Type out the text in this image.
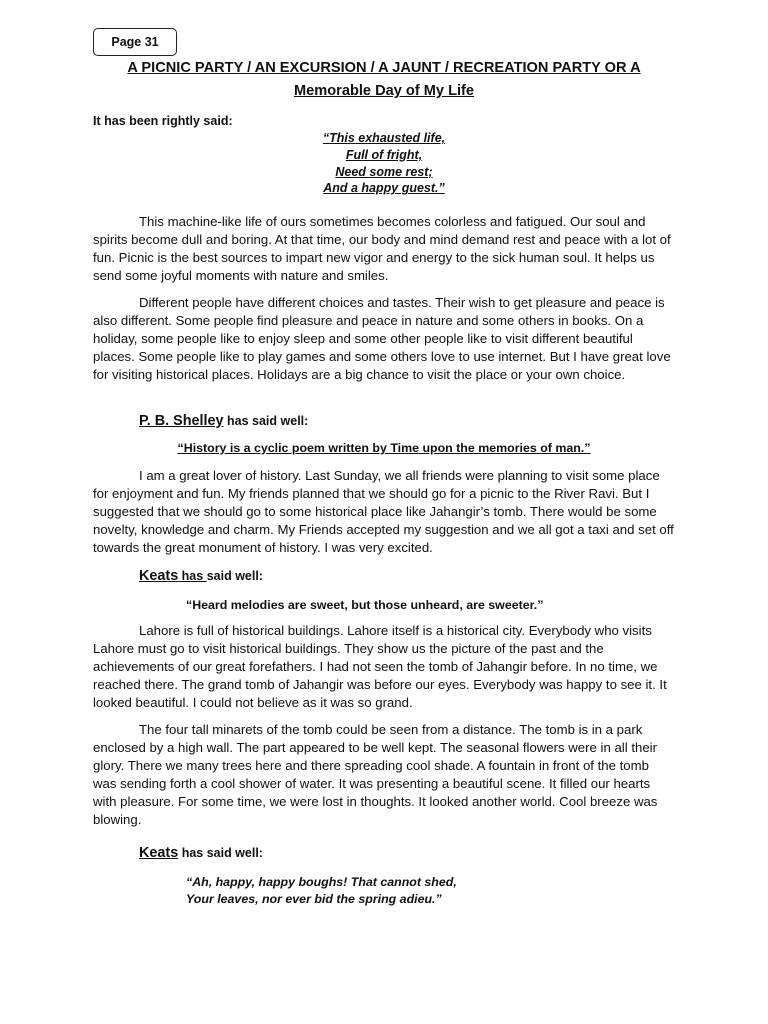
Page 31
A PICNIC PARTY / AN EXCURSION / A JAUNT / RECREATION PARTY OR A
Memorable Day of My Life
It has been rightly said:
“This exhausted life,
Full of fright,
Need some rest;
And a happy guest.”

This machine-like life of ours sometimes becomes colorless and fatigued. Our soul and spirits become dull and boring. At that time, our body and mind demand rest and peace with a lot of fun. Picnic is the best sources to impart new vigor and energy to the sick human soul. It helps us send some joyful moments with nature and smiles.

Different people have different choices and tastes. Their wish to get pleasure and peace is also different. Some people find pleasure and peace in nature and some others in books. On a holiday, some people like to enjoy sleep and some other people like to visit different beautiful places. Some people like to play games and some others love to use internet. But I have great love for visiting historical places. Holidays are a big chance to visit the place or your own choice.

P. B. Shelley has said well:
“History is a cyclic poem written by Time upon the memories of man.”

I am a great lover of history. Last Sunday, we all friends were planning to visit some place for enjoyment and fun. My friends planned that we should go for a picnic to the River Ravi. But I suggested that we should go to some historical place like Jahangir’s tomb. There would be some novelty, knowledge and charm. My Friends accepted my suggestion and we all got a taxi and set off towards the great monument of history. I was very excited.

Keats has said well:
“Heard melodies are sweet, but those unheard, are sweeter.”

Lahore is full of historical buildings. Lahore itself is a historical city. Everybody who visits Lahore must go to visit historical buildings. They show us the picture of the past and the achievements of our great forefathers. I had not seen the tomb of Jahangir before. In no time, we reached there. The grand tomb of Jahangir was before our eyes. Everybody was happy to see it. It looked beautiful. I could not believe as it was so grand.

The four tall minarets of the tomb could be seen from a distance. The tomb is in a park enclosed by a high wall. The part appeared to be well kept. The seasonal flowers were in all their glory. There we many trees here and there spreading cool shade. A fountain in front of the tomb was sending forth a cool shower of water. It was presenting a beautiful scene. It filled our hearts with pleasure. For some time, we were lost in thoughts. It looked another world. Cool breeze was blowing.

Keats has said well:
“Ah, happy, happy boughs! That cannot shed,
Your leaves, nor ever bid the spring adieu.”
